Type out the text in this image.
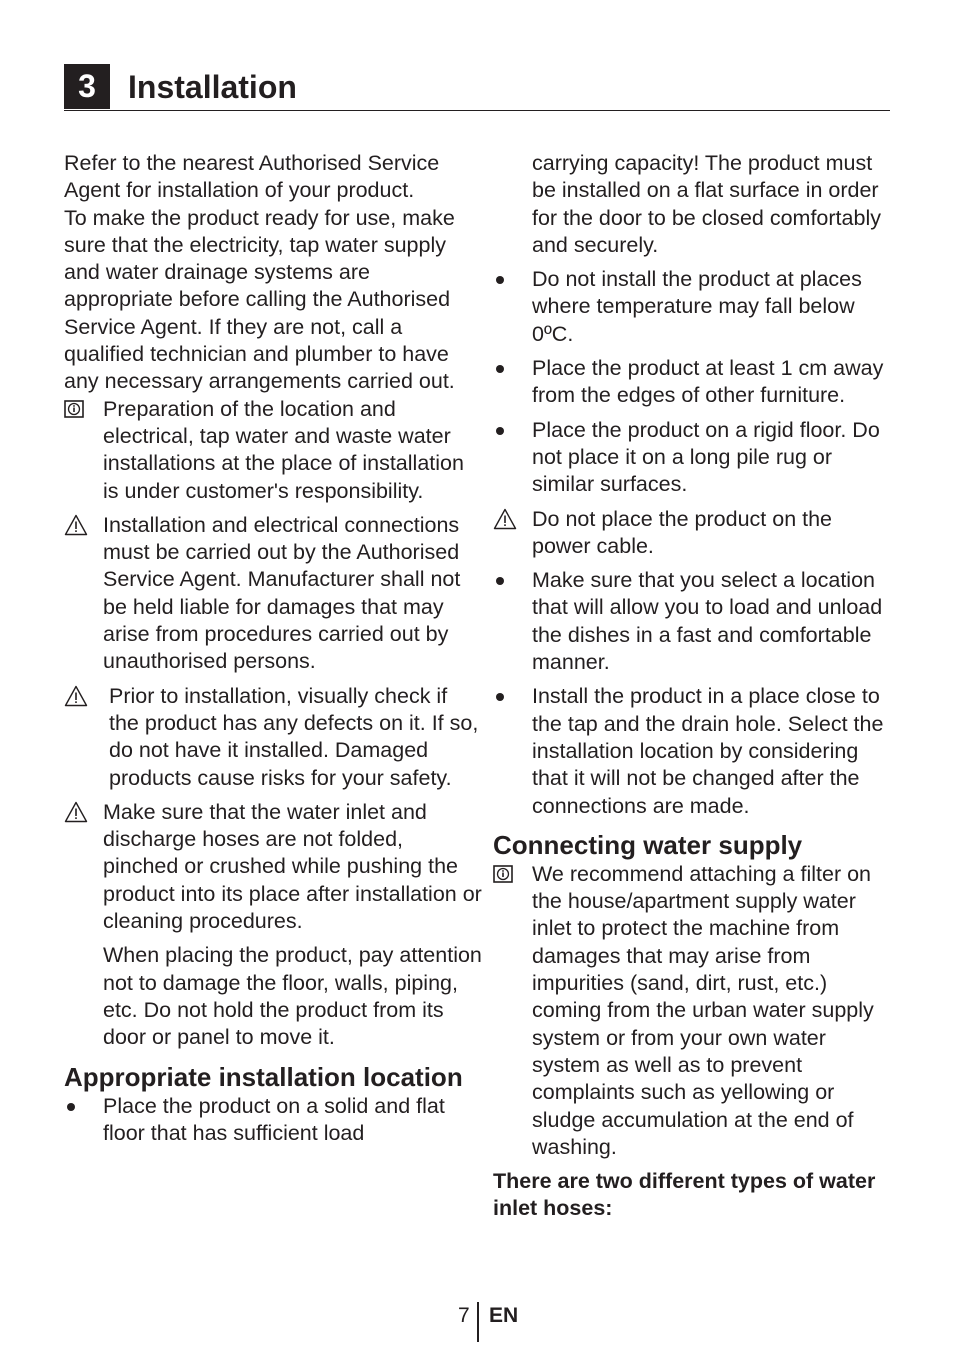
3	Installation

Refer to the nearest Authorised Service Agent for installation of your product.

To make the product ready for use, make sure that the electricity, tap water supply and water drainage systems are appropriate before calling the Authorised Service Agent. If they are not, call a qualified technician and plumber to have any necessary arrangements carried out.

Preparation of the location and electrical, tap water and waste water installations at the place of installation is under customer's responsibility.
Installation and electrical connections must be carried out by the Authorised Service Agent. Manufacturer shall not be held liable for damages that may arise from procedures carried out by unauthorised persons.
Prior to installation, visually check if the product has any defects on it. If so, do not have it installed. Damaged products cause risks for your safety.
Make sure that the water inlet and discharge hoses are not folded, pinched or crushed while pushing the product into its place after installation or cleaning procedures.

When placing the product, pay attention not to damage the floor, walls, piping, etc. Do not hold the product from its door or panel to move it.

Appropriate installation location
Place the product on a solid and flat floor that has sufficient load

carrying capacity! The product must be installed on a flat surface in order for the door to be closed comfortably and securely.

Do not install the product at places where temperature may fall below 0ºC.
Place the product at least 1 cm away from the edges of other furniture.
Place the product on a rigid floor. Do not place it on a long pile rug or similar surfaces.
Do not place the product on the power cable.
Make sure that you select a location that will allow you to load and unload the dishes in a fast and comfortable manner.
Install the product in a place close to the tap and the drain hole. Select the installation location by considering that it will not be changed after the connections are made.
Connecting water supply
We recommend attaching a filter on the house/apartment supply water inlet to protect the machine from damages that may arise from impurities (sand, dirt, rust, etc.) coming from the urban water supply system or from your own water system as well as to prevent complaints such as yellowing or sludge accumulation at the end of washing.

There are two different types of water inlet hoses:

7 EN
